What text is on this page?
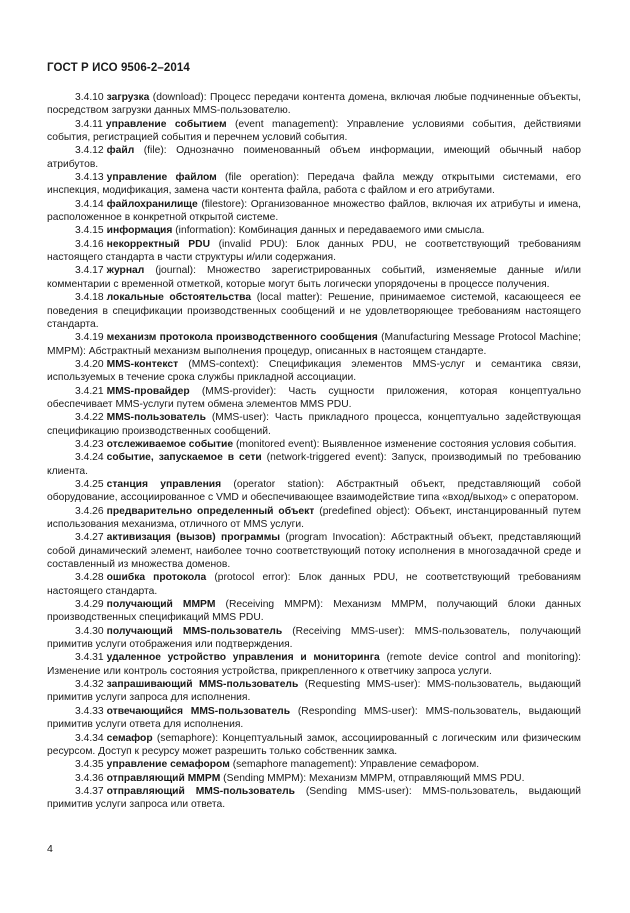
ГОСТ Р ИСО 9506-2–2014

3.4.10 загрузка (download): Процесс передачи контента домена, включая любые подчиненные объекты, посредством загрузки данных MMS-пользователю.

3.4.11 управление событием (event management): Управление условиями события, действиями события, регистрацией события и перечнем условий события.

3.4.12 файл (file): Однозначно поименованный объем информации, имеющий обычный набор атрибутов.

3.4.13 управление файлом (file operation): Передача файла между открытыми системами, его инспекция, модификация, замена части контента файла, работа с файлом и его атрибутами.

3.4.14 файлохранилище (filestore): Организованное множество файлов, включая их атрибуты и имена, расположенное в конкретной открытой системе.

3.4.15 информация (information): Комбинация данных и передаваемого ими смысла.

3.4.16 некорректный PDU (invalid PDU): Блок данных PDU, не соответствующий требованиям настоящего стандарта в части структуры и/или содержания.

3.4.17 журнал (journal): Множество зарегистрированных событий, изменяемые данные и/или комментарии с временной отметкой, которые могут быть логически упорядочены в процессе получения.

3.4.18 локальные обстоятельства (local matter): Решение, принимаемое системой, касающееся ее поведения в спецификации производственных сообщений и не удовлетворяющее требованиям настоящего стандарта.

3.4.19 механизм протокола производственного сообщения (Manufacturing Message Protocol Machine; MMPM): Абстрактный механизм выполнения процедур, описанных в настоящем стандарте.

3.4.20 MMS-контекст (MMS-context): Спецификация элементов MMS-услуг и семантика связи, используемых в течение срока службы прикладной ассоциации.

3.4.21 MMS-провайдер (MMS-provider): Часть сущности приложения, которая концептуально обеспечивает MMS-услуги путем обмена элементов MMS PDU.

3.4.22 MMS-пользователь (MMS-user): Часть прикладного процесса, концептуально задействующая спецификацию производственных сообщений.

3.4.23 отслеживаемое событие (monitored event): Выявленное изменение состояния условия события.

3.4.24 событие, запускаемое в сети (network-triggered event): Запуск, производимый по требованию клиента.

3.4.25 станция управления (operator station): Абстрактный объект, представляющий собой оборудование, ассоциированное с VMD и обеспечивающее взаимодействие типа «вход/выход» с оператором.

3.4.26 предварительно определенный объект (predefined object): Объект, инстанцированный путем использования механизма, отличного от MMS услуги.

3.4.27 активизация (вызов) программы (program Invocation): Абстрактный объект, представляющий собой динамический элемент, наиболее точно соответствующий потоку исполнения в многозадачной среде и составленный из множества доменов.

3.4.28 ошибка протокола (protocol error): Блок данных PDU, не соответствующий требованиям настоящего стандарта.

3.4.29 получающий MMPM (Receiving MMPM): Механизм MMPM, получающий блоки данных производственных спецификаций MMS PDU.

3.4.30 получающий MMS-пользователь (Receiving MMS-user): MMS-пользователь, получающий примитив услуги отображения или подтверждения.

3.4.31 удаленное устройство управления и мониторинга (remote device control and monitoring): Изменение или контроль состояния устройства, прикрепленного к ответчику запроса услуги.

3.4.32 запрашивающий MMS-пользователь (Requesting MMS-user): MMS-пользователь, выдающий примитив услуги запроса для исполнения.

3.4.33 отвечающийся MMS-пользователь (Responding MMS-user): MMS-пользователь, выдающий примитив услуги ответа для исполнения.

3.4.34 семафор (semaphore): Концептуальный замок, ассоциированный с логическим или физическим ресурсом. Доступ к ресурсу может разрешить только собственник замка.

3.4.35 управление семафором (semaphore management): Управление семафором.

3.4.36 отправляющий MMPM (Sending MMPM): Механизм MMPM, отправляющий MMS PDU.

3.4.37 отправляющий MMS-пользователь (Sending MMS-user): MMS-пользователь, выдающий примитив услуги запроса или ответа.

4
